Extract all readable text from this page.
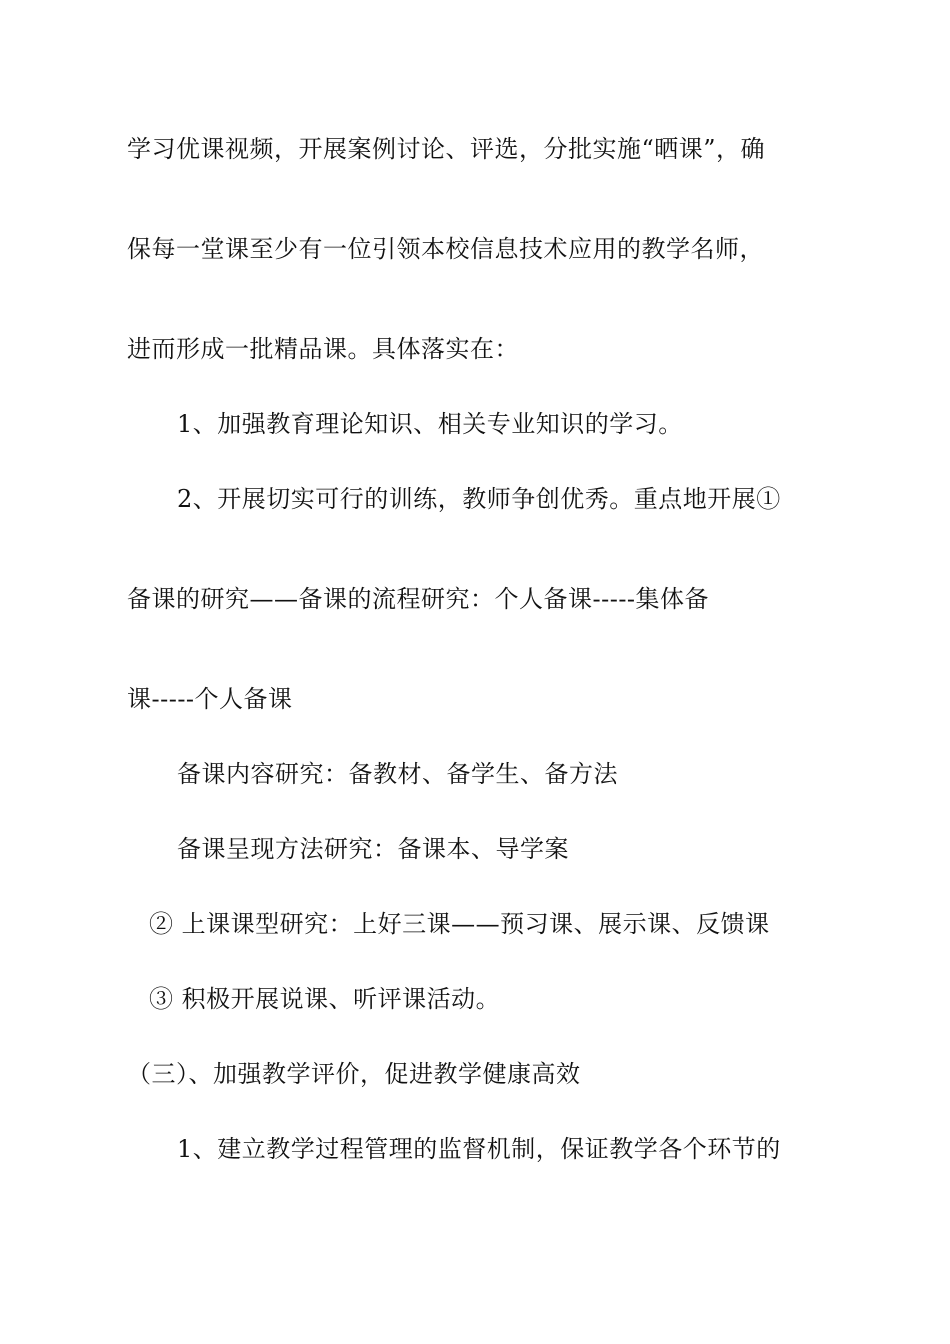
学习优课视频，开展案例讨论、评选，分批实施“晒课”，确
保每一堂课至少有一位引领本校信息技术应用的教学名师，
进而形成一批精品课。具体落实在：
1、加强教育理论知识、相关专业知识的学习。
2、开展切实可行的训练，教师争创优秀。重点地开展①
备课的研究——备课的流程研究：个人备课-----集体备
课-----个人备课
备课内容研究：备教材、备学生、备方法
备课呈现方法研究：备课本、导学案
② 上课课型研究：上好三课——预习课、展示课、反馈课
③ 积极开展说课、听评课活动。
（三）、加强教学评价，促进教学健康高效
1、建立教学过程管理的监督机制，保证教学各个环节的
